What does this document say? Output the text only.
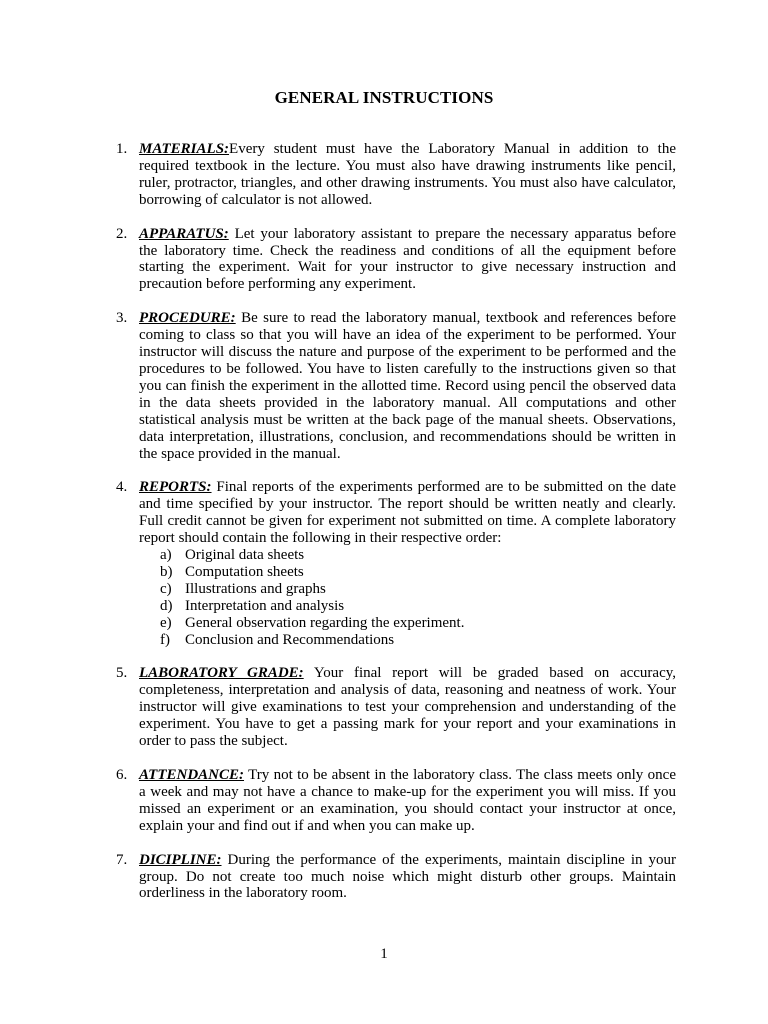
GENERAL INSTRUCTIONS
1. MATERIALS:Every student must have the Laboratory Manual in addition to the required textbook in the lecture. You must also have drawing instruments like pencil, ruler, protractor, triangles, and other drawing instruments. You must also have calculator, borrowing of calculator is not allowed.
2. APPARATUS: Let your laboratory assistant to prepare the necessary apparatus before the laboratory time. Check the readiness and conditions of all the equipment before starting the experiment. Wait for your instructor to give necessary instruction and precaution before performing any experiment.
3. PROCEDURE: Be sure to read the laboratory manual, textbook and references before coming to class so that you will have an idea of the experiment to be performed. Your instructor will discuss the nature and purpose of the experiment to be performed and the procedures to be followed. You have to listen carefully to the instructions given so that you can finish the experiment in the allotted time. Record using pencil the observed data in the data sheets provided in the laboratory manual. All computations and other statistical analysis must be written at the back page of the manual sheets. Observations, data interpretation, illustrations, conclusion, and recommendations should be written in the space provided in the manual.
4. REPORTS: Final reports of the experiments performed are to be submitted on the date and time specified by your instructor. The report should be written neatly and clearly. Full credit cannot be given for experiment not submitted on time. A complete laboratory report should contain the following in their respective order:
a) Original data sheets
b) Computation sheets
c) Illustrations and graphs
d) Interpretation and analysis
e) General observation regarding the experiment.
f) Conclusion and Recommendations
5. LABORATORY GRADE: Your final report will be graded based on accuracy, completeness, interpretation and analysis of data, reasoning and neatness of work. Your instructor will give examinations to test your comprehension and understanding of the experiment. You have to get a passing mark for your report and your examinations in order to pass the subject.
6. ATTENDANCE: Try not to be absent in the laboratory class. The class meets only once a week and may not have a chance to make-up for the experiment you will miss. If you missed an experiment or an examination, you should contact your instructor at once, explain your and find out if and when you can make up.
7. DICIPLINE: During the performance of the experiments, maintain discipline in your group. Do not create too much noise which might disturb other groups. Maintain orderliness in the laboratory room.
1
